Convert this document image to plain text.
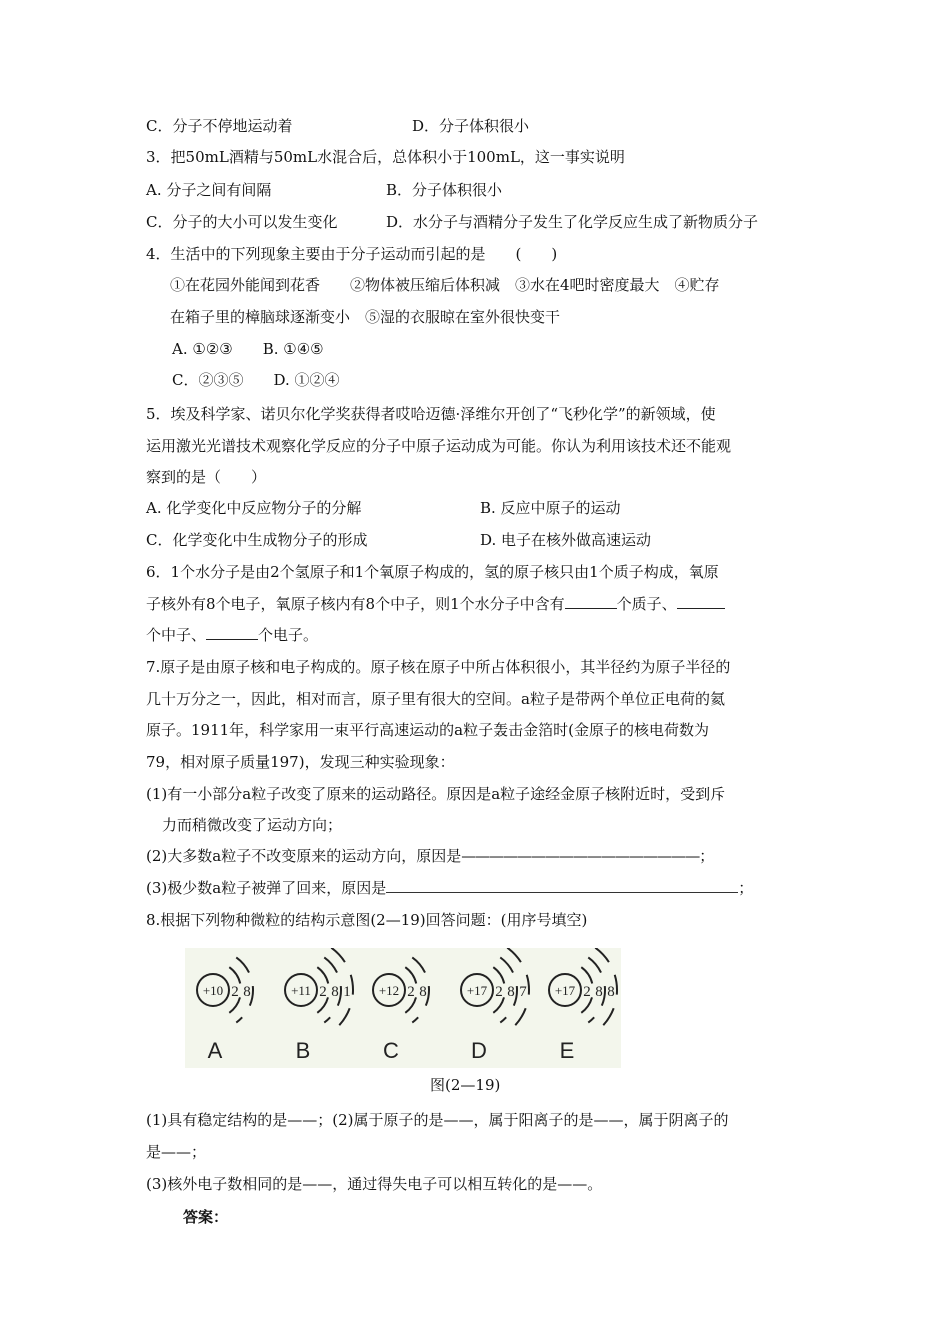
C．分子不停地运动着	D．分子体积很小
3．把50mL酒精与50mL水混合后，总体积小于100mL，这一事实说明
A. 分子之间有间隔	B．分子体积很小
C．分子的大小可以发生变化	D．水分子与酒精分子发生了化学反应生成了新物质分子
4．生活中的下列现象主要由于分子运动而引起的是　　(　　)
①在花园外能闻到花香　　②物体被压缩后体积减　③水在4吧时密度最大　④贮存
在箱子里的樟脑球逐渐变小　⑤湿的衣服晾在室外很快变干
A. ①②③　　B. ①④⑤
C．②③⑤　　D. ①②④
5．埃及科学家、诺贝尔化学奖获得者哎哈迈德·泽维尔开创了“飞秒化学”的新领域，使
运用激光光谱技术观察化学反应的分子中原子运动成为可能。你认为利用该技术还不能观
察到的是（　　）
A. 化学变化中反应物分子的分解	B. 反应中原子的运动
C．化学变化中生成物分子的形成	D. 电子在核外做高速运动
6．1个水分子是由2个氢原子和1个氧原子构成的，氢的原子核只由1个质子构成，氧原
子核外有8个电子，氧原子核内有8个中子，则1个水分子中含有	个质子、
个中子、	个电子。
7.原子是由原子核和电子构成的。原子核在原子中所占体积很小，其半径约为原子半径的
几十万分之一，因此，相对而言，原子里有很大的空间。a粒子是带两个单位正电荷的氦
原子。1911年，科学家用一束平行高速运动的a粒子轰击金箔时(金原子的核电荷数为
79，相对原子质量197)，发现三种实验现象：
(1)有一小部分a粒子改变了原来的运动路径。原因是a粒子途经金原子核附近时，受到斥
力而稍微改变了运动方向；
(2)大多数a粒子不改变原来的运动方向，原因是—————————————————；
(3)极少数a粒子被弹了回来，原因是	；
8.根据下列物种微粒的结构示意图(2—19)回答问题：(用序号填空)
+10 2 8
A
+11 2 8 1
B
+12 2 8
C
+17 2 8 7
D
+17 2 8 8
E
图(2—19)
(1)具有稳定结构的是——；(2)属于原子的是——，属于阳离子的是——，属于阴离子的
是——；
(3)核外电子数相同的是——，通过得失电子可以相互转化的是——。
答案：
